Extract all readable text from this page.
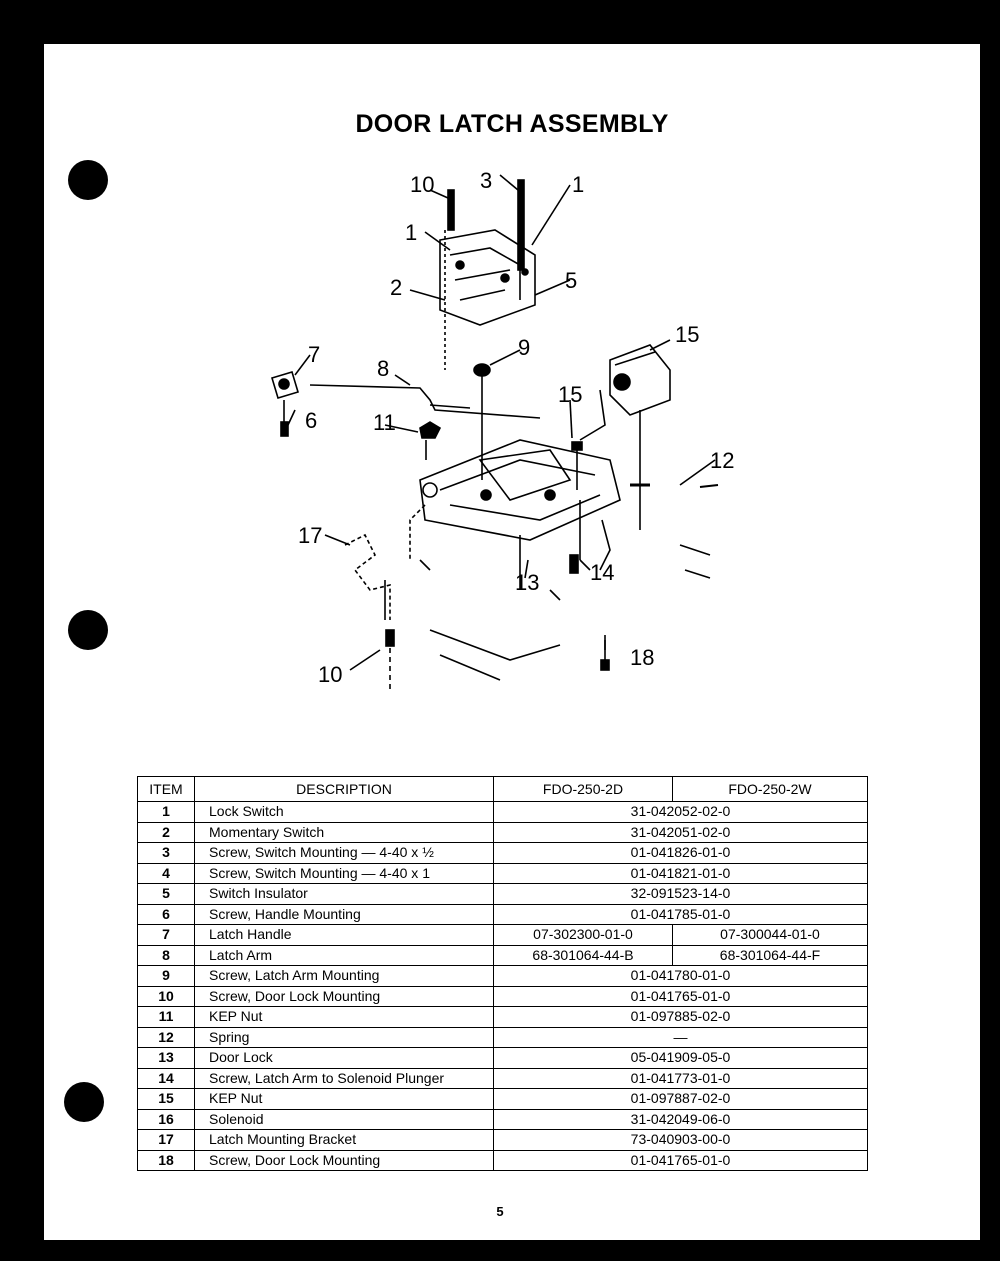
DOOR LATCH ASSEMBLY
10 3	1
1
2	5
15
7
8
9
6	11
15
12
17
13 14
10
18
ITEM	DESCRIPTION	FDO-250-2D	FDO-250-2W
1	Lock Switch	31-042052-02-0	
2	Momentary Switch	31-042051-02-0	
3	Screw, Switch Mounting — 4-40 x ½	01-041826-01-0	
4	Screw, Switch Mounting — 4-40 x 1	01-041821-01-0	
5	Switch Insulator	32-091523-14-0	
6	Screw, Handle Mounting	01-041785-01-0	
7	Latch Handle	07-302300-01-0	07-300044-01-0
8	Latch Arm	68-301064-44-B	68-301064-44-F
9	Screw, Latch Arm Mounting	01-041780-01-0	
10	Screw, Door Lock Mounting	01-041765-01-0	
11	KEP Nut	01-097885-02-0	
12	Spring	—	
13	Door Lock	05-041909-05-0	
14	Screw, Latch Arm to Solenoid Plunger	01-041773-01-0	
15	KEP Nut	01-097887-02-0	
16	Solenoid	31-042049-06-0	
17	Latch Mounting Bracket	73-040903-00-0	
18	Screw, Door Lock Mounting	01-041765-01-0	
5
